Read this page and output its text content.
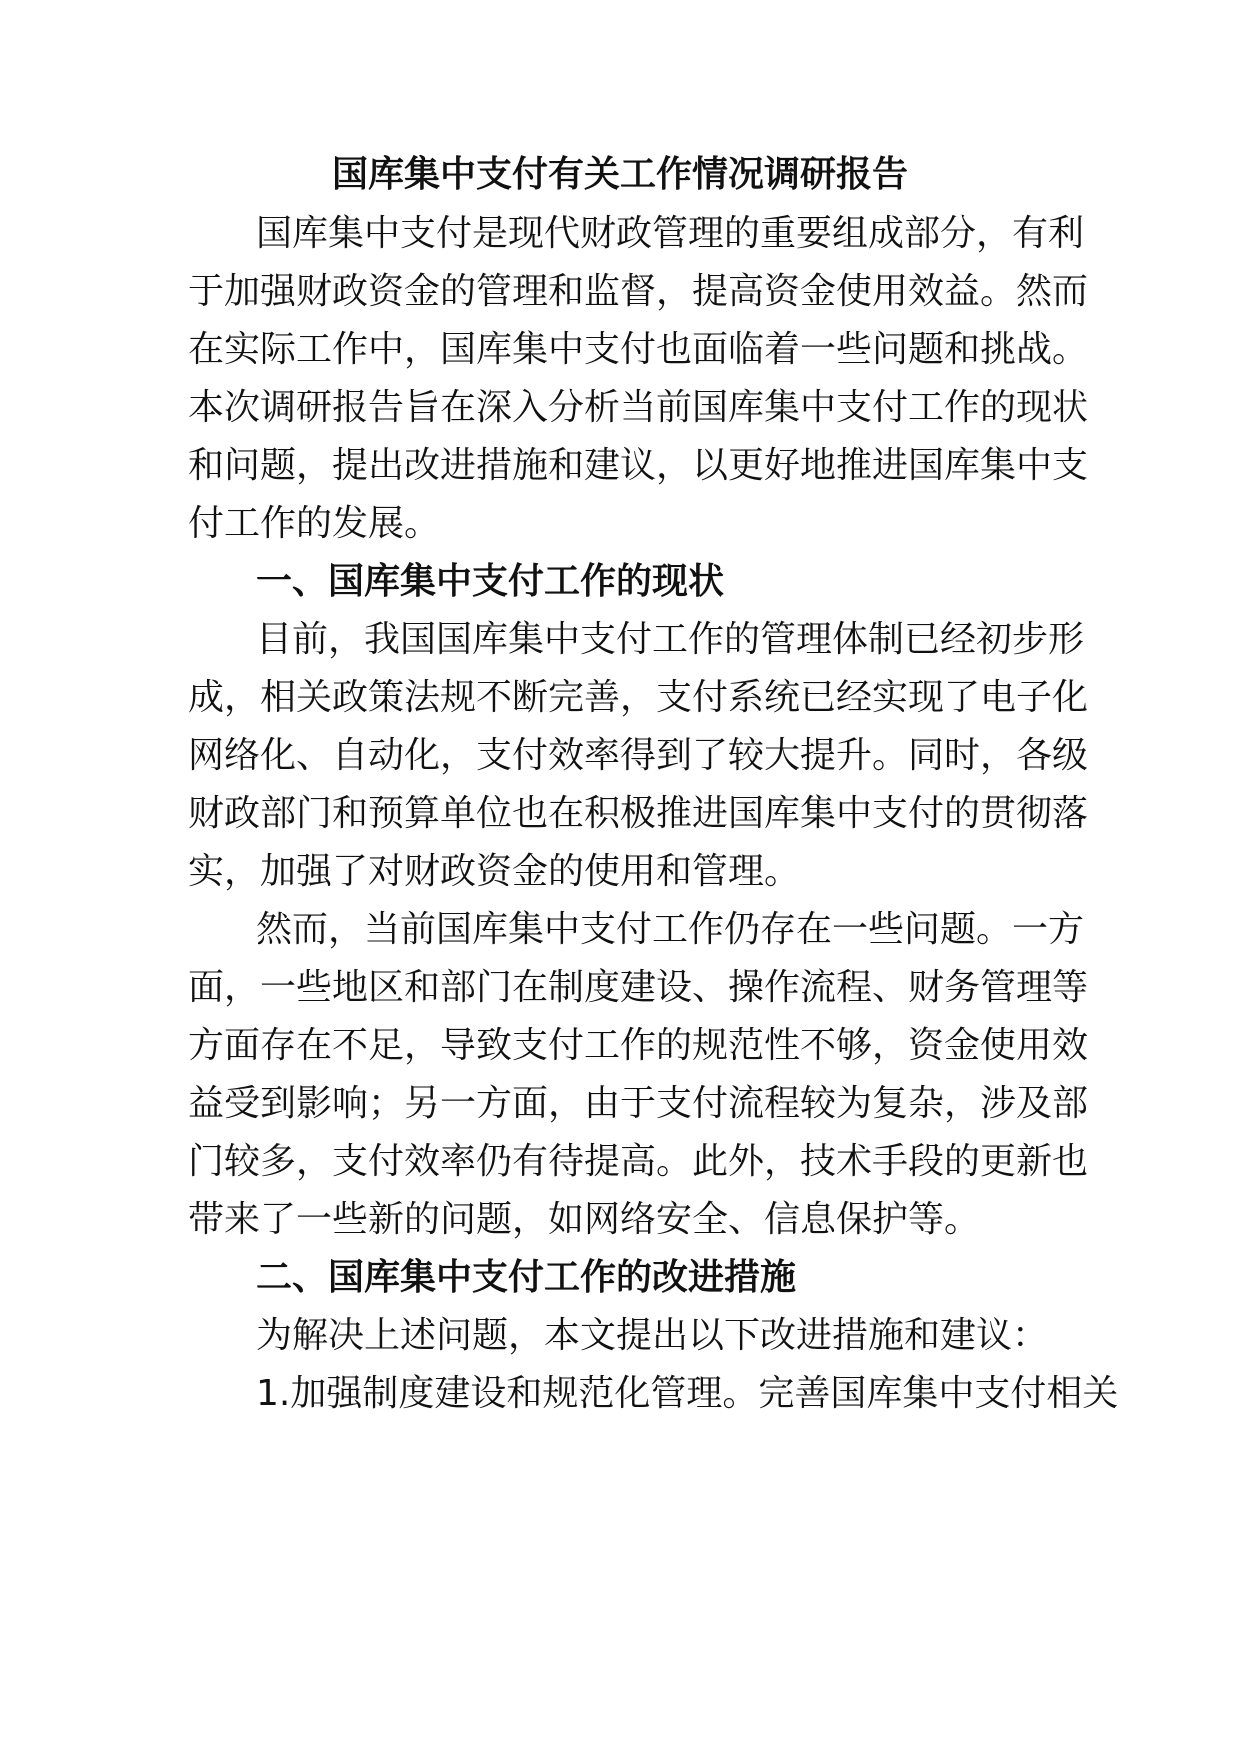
国库集中支付有关工作情况调研报告
国库集中支付是现代财政管理的重要组成部分，有利
于加强财政资金的管理和监督，提高资金使用效益。然而
在实际工作中，国库集中支付也面临着一些问题和挑战。
本次调研报告旨在深入分析当前国库集中支付工作的现状
和问题，提出改进措施和建议，以更好地推进国库集中支
付工作的发展。
一、国库集中支付工作的现状
目前，我国国库集中支付工作的管理体制已经初步形
成，相关政策法规不断完善，支付系统已经实现了电子化
网络化、自动化，支付效率得到了较大提升。同时，各级
财政部门和预算单位也在积极推进国库集中支付的贯彻落
实，加强了对财政资金的使用和管理。
然而，当前国库集中支付工作仍存在一些问题。一方
面，一些地区和部门在制度建设、操作流程、财务管理等
方面存在不足，导致支付工作的规范性不够，资金使用效
益受到影响；另一方面，由于支付流程较为复杂，涉及部
门较多，支付效率仍有待提高。此外，技术手段的更新也
带来了一些新的问题，如网络安全、信息保护等。
二、国库集中支付工作的改进措施
为解决上述问题，本文提出以下改进措施和建议：
1.加强制度建设和规范化管理。完善国库集中支付相关
